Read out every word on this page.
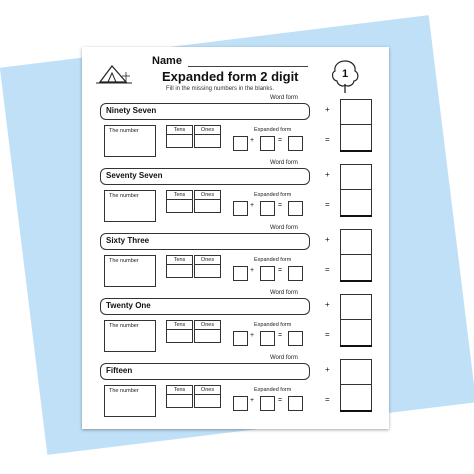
Name
Expanded form 2 digit
Fill in the missing numbers in the blanks.
1
Word form
Ninety Seven	+
=
The number	Tens	Ones	Expanded form
+	=
Word form
Seventy Seven	+
=
The number	Tens	Ones	Expanded form
+	=
Word form
Sixty Three	+
=
The number	Tens	Ones	Expanded form
+	=
Word form
Twenty One	+
=
The number	Tens	Ones	Expanded form
+	=
Word form
Fifteen	+
=
The number	Tens	Ones	Expanded form
+	=
